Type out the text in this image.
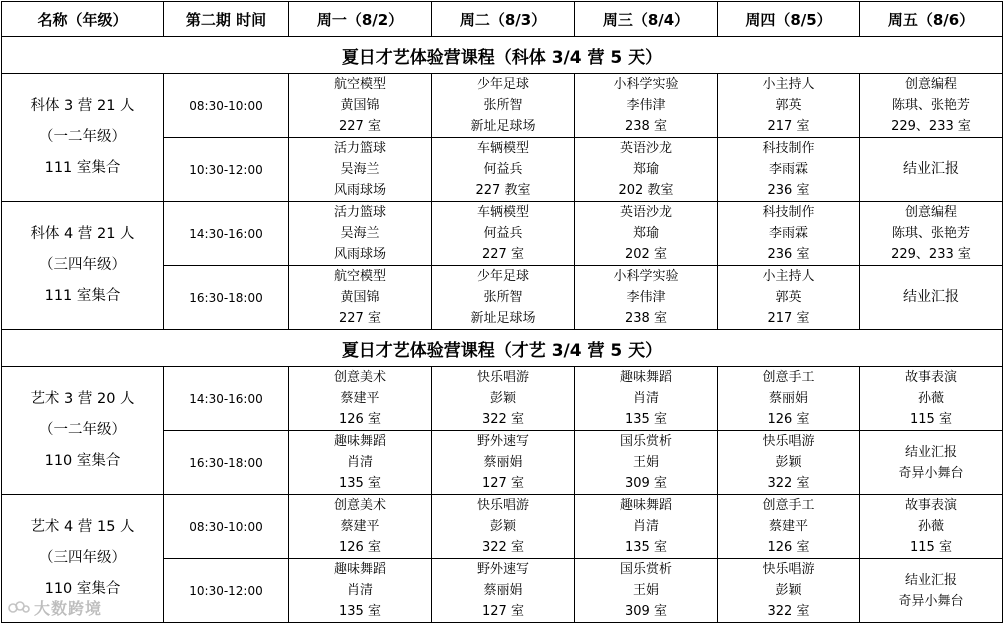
名称（年级）	第二期 时间	周一（8/2）	周二（8/3）	周三（8/4）	周四（8/5）	周五（8/6）
夏日才艺体验营课程（科体 3/4 营 5 天）						

科体 3 营 21 人
（一二年级）
111 室集合	08:30-10:00	航空模型
黄国锦
227 室	少年足球
张所智
新址足球场	小科学实验
李伟津
238 室	小主持人
郭英
217 室	创意编程
陈琪、张艳芳
229、233 室

	10:30-12:00	活力篮球
吴海兰
风雨球场	车辆模型
何益兵
227 教室	英语沙龙
郑瑜
202 教室	科技制作
李雨霖
236 室	结业汇报

科体 4 营 21 人
（三四年级）
111 室集合	14:30-16:00	活力篮球
吴海兰
风雨球场	车辆模型
何益兵
227 室	英语沙龙
郑瑜
202 室	科技制作
李雨霖
236 室	创意编程
陈琪、张艳芳
229、233 室

	16:30-18:00	航空模型
黄国锦
227 室	少年足球
张所智
新址足球场	小科学实验
李伟津
238 室	小主持人
郭英
217 室	结业汇报

夏日才艺体验营课程（才艺 3/4 营 5 天）						

艺术 3 营 20 人
（一二年级）
110 室集合	14:30-16:00	创意美术
蔡建平
126 室	快乐唱游
彭颖
322 室	趣味舞蹈
肖清
135 室	创意手工
蔡丽娟
126 室	故事表演
孙薇
115 室

	16:30-18:00	趣味舞蹈
肖清
135 室	野外速写
蔡丽娟
127 室	国乐赏析
王娟
309 室	快乐唱游
彭颖
322 室	结业汇报
奇异小舞台

艺术 4 营 15 人
（三四年级）
110 室集合	08:30-10:00	创意美术
蔡建平
126 室	快乐唱游
彭颖
322 室	趣味舞蹈
肖清
135 室	创意手工
蔡建平
126 室	故事表演
孙薇
115 室

	10:30-12:00	趣味舞蹈
肖清
135 室	野外速写
蔡丽娟
127 室	国乐赏析
王娟
309 室	快乐唱游
彭颖
322 室	结业汇报
奇异小舞台
大数跨境
